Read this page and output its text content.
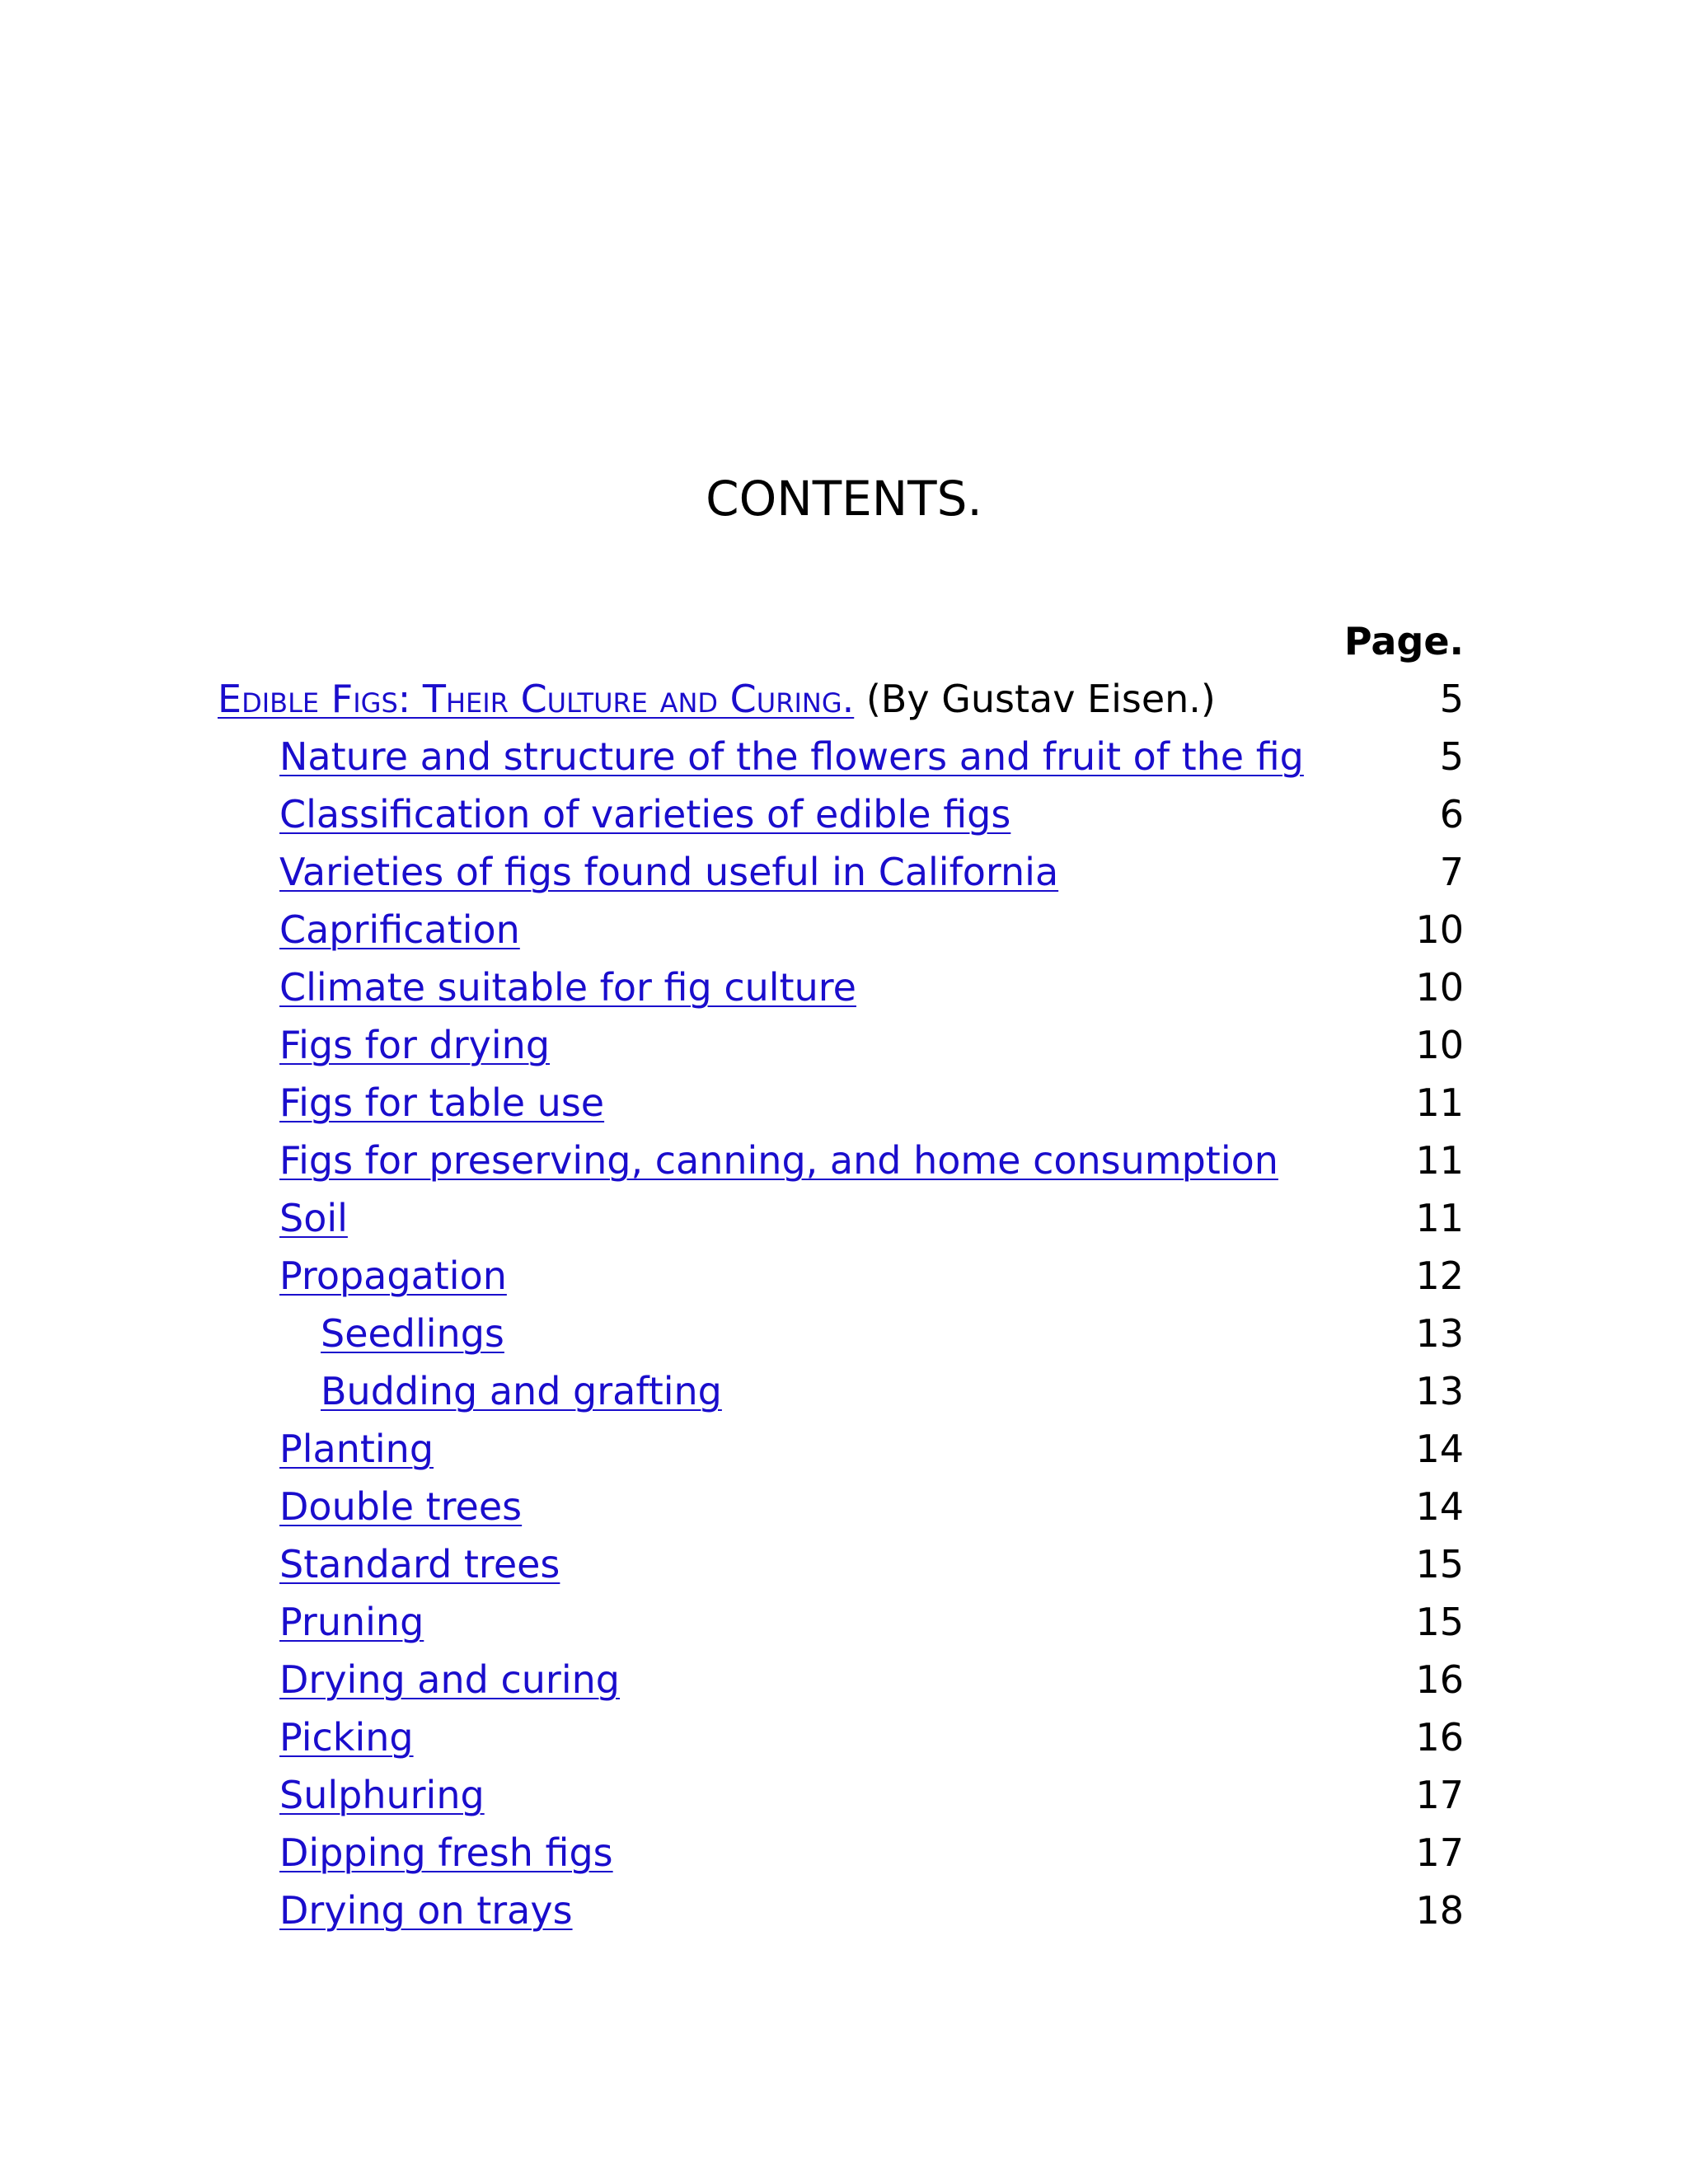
CONTENTS.
Page.
Edible Figs: Their Culture and Curing. (By Gustav Eisen.)	5
Nature and structure of the flowers and fruit of the fig	5
Classification of varieties of edible figs	6
Varieties of figs found useful in California	7
Caprification	10
Climate suitable for fig culture	10
Figs for drying	10
Figs for table use	11
Figs for preserving, canning, and home consumption	11
Soil	11
Propagation	12
Seedlings	13
Budding and grafting	13
Planting	14
Double trees	14
Standard trees	15
Pruning	15
Drying and curing	16
Picking	16
Sulphuring	17
Dipping fresh figs	17
Drying on trays	18
